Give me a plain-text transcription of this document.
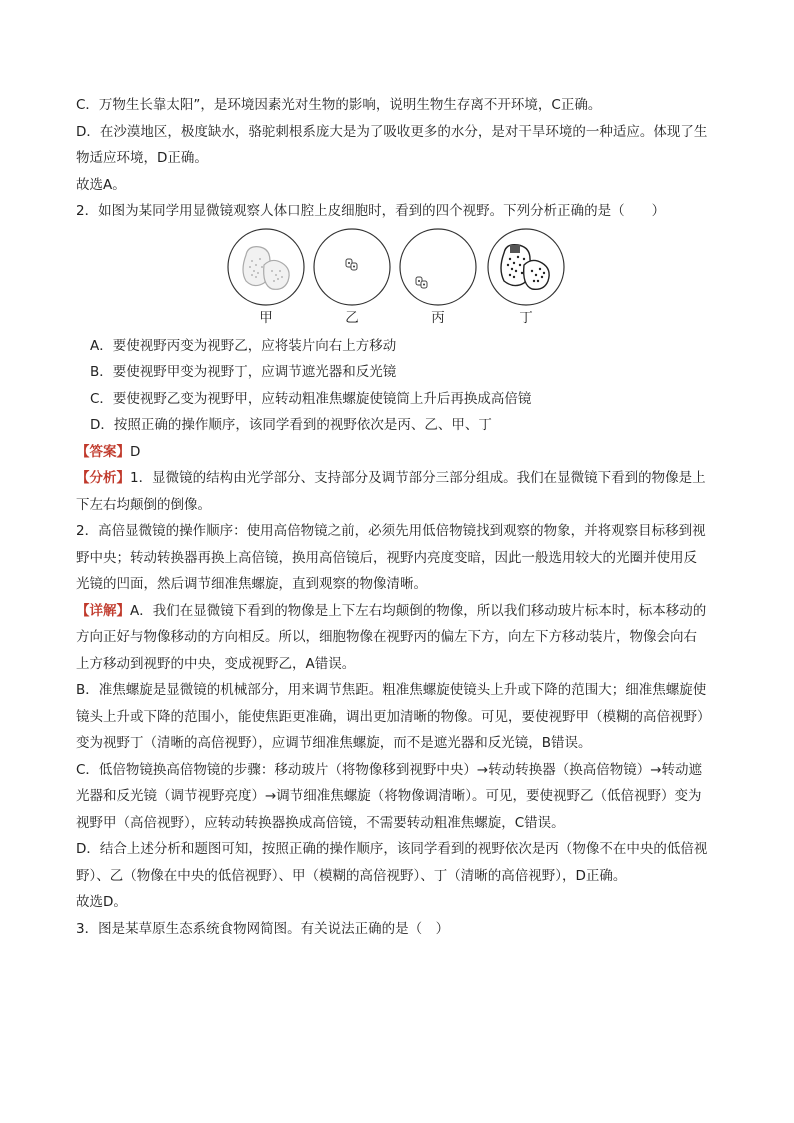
C．万物生长靠太阳”，是环境因素光对生物的影响，说明生物生存离不开环境，C正确。
D．在沙漠地区，极度缺水，骆驼刺根系庞大是为了吸收更多的水分，是对干旱环境的一种适应。体现了生
物适应环境，D正确。
故选A。
2．如图为某同学用显微镜观察人体口腔上皮细胞时，看到的四个视野。下列分析正确的是（　　）
甲	乙	丙	丁
A．要使视野丙变为视野乙，应将装片向右上方移动
B．要使视野甲变为视野丁，应调节遮光器和反光镜
C．要使视野乙变为视野甲，应转动粗准焦螺旋使镜筒上升后再换成高倍镜
D．按照正确的操作顺序，该同学看到的视野依次是丙、乙、甲、丁
【答案】D
【分析】1．显微镜的结构由光学部分、支持部分及调节部分三部分组成。我们在显微镜下看到的物像是上
下左右均颠倒的倒像。
2．高倍显微镜的操作顺序：使用高倍物镜之前，必须先用低倍物镜找到观察的物象，并将观察目标移到视
野中央；转动转换器再换上高倍镜，换用高倍镜后，视野内亮度变暗，因此一般选用较大的光圈并使用反
光镜的凹面，然后调节细准焦螺旋，直到观察的物像清晰。
【详解】A．我们在显微镜下看到的物像是上下左右均颠倒的物像，所以我们移动玻片标本时，标本移动的
方向正好与物像移动的方向相反。所以，细胞物像在视野丙的偏左下方，向左下方移动装片，物像会向右
上方移动到视野的中央，变成视野乙，A错误。
B．准焦螺旋是显微镜的机械部分，用来调节焦距。粗准焦螺旋使镜头上升或下降的范围大；细准焦螺旋使
镜头上升或下降的范围小，能使焦距更准确，调出更加清晰的物像。可见，要使视野甲（模糊的高倍视野）
变为视野丁（清晰的高倍视野），应调节细准焦螺旋，而不是遮光器和反光镜，B错误。
C．低倍物镜换高倍物镜的步骤：移动玻片（将物像移到视野中央）→转动转换器（换高倍物镜）→转动遮
光器和反光镜（调节视野亮度）→调节细准焦螺旋（将物像调清晰）。可见，要使视野乙（低倍视野）变为
视野甲（高倍视野），应转动转换器换成高倍镜，不需要转动粗准焦螺旋，C错误。
D．结合上述分析和题图可知，按照正确的操作顺序，该同学看到的视野依次是丙（物像不在中央的低倍视
野）、乙（物像在中央的低倍视野）、甲（模糊的高倍视野）、丁（清晰的高倍视野），D正确。
故选D。
3．图是某草原生态系统食物网简图。有关说法正确的是（　）
